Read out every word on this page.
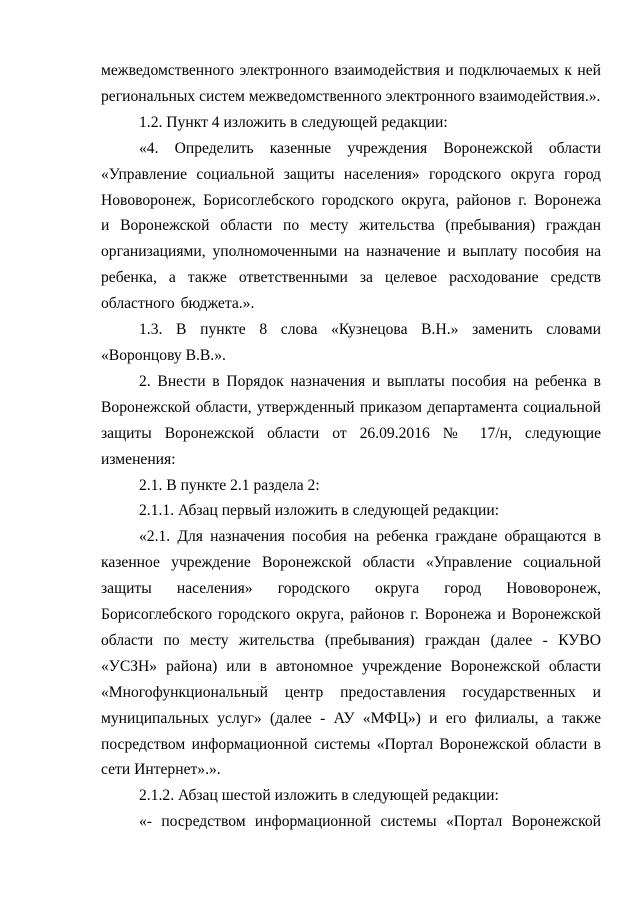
межведомственного электронного взаимодействия и подключаемых к ней региональных систем межведомственного электронного взаимодействия.».

1.2. Пункт 4 изложить в следующей редакции:

«4. Определить казенные учреждения Воронежской области «Управление социальной защиты населения» городского округа город Нововоронеж, Борисоглебского городского округа, районов г. Воронежа и Воронежской области по месту жительства (пребывания) граждан организациями, уполномоченными на назначение и выплату пособия на ребенка, а также ответственными за целевое расходование средств областного бюджета.».

1.3. В пункте 8 слова «Кузнецова В.Н.» заменить словами «Воронцову В.В.».

2. Внести в Порядок назначения и выплаты пособия на ребенка в Воронежской области, утвержденный приказом департамента социальной защиты Воронежской области от 26.09.2016 № 17/н, следующие изменения:

2.1. В пункте 2.1 раздела 2:

2.1.1. Абзац первый изложить в следующей редакции:

«2.1. Для назначения пособия на ребенка граждане обращаются в казенное учреждение Воронежской области «Управление социальной защиты населения» городского округа город Нововоронеж, Борисоглебского городского округа, районов г. Воронежа и Воронежской области по месту жительства (пребывания) граждан (далее - КУВО «УСЗН» района) или в автономное учреждение Воронежской области «Многофункциональный центр предоставления государственных и муниципальных услуг» (далее - АУ «МФЦ») и его филиалы, а также посредством информационной системы «Портал Воронежской области в сети Интернет».».

2.1.2. Абзац шестой изложить в следующей редакции:

«- посредством информационной системы «Портал Воронежской
